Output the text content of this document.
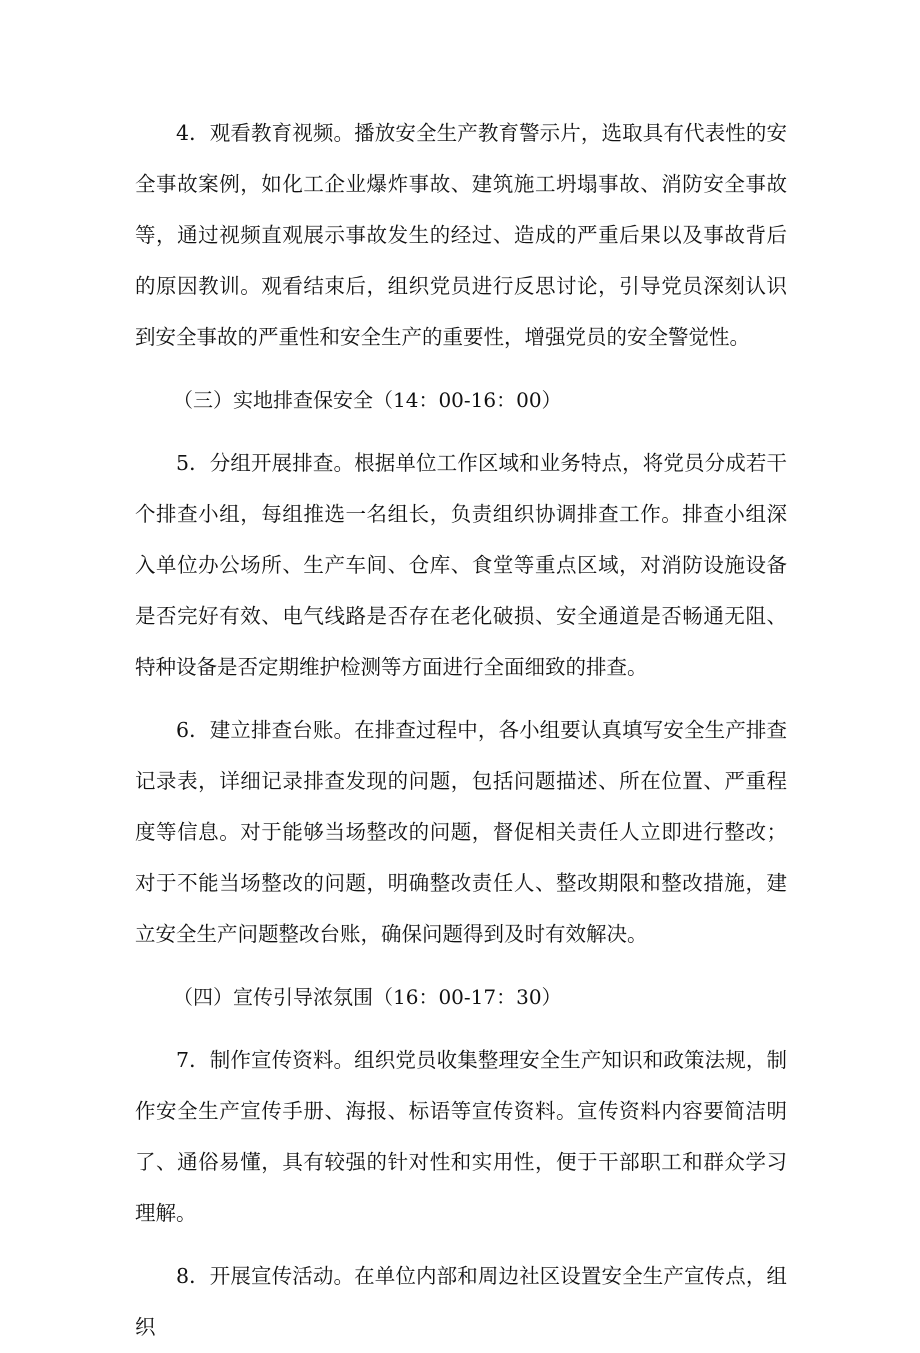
4．观看教育视频。播放安全生产教育警示片，选取具有代表性的安全事故案例，如化工企业爆炸事故、建筑施工坍塌事故、消防安全事故等，通过视频直观展示事故发生的经过、造成的严重后果以及事故背后的原因教训。观看结束后，组织党员进行反思讨论，引导党员深刻认识到安全事故的严重性和安全生产的重要性，增强党员的安全警觉性。

（三）实地排查保安全（14：00-16：00）

5．分组开展排查。根据单位工作区域和业务特点，将党员分成若干个排查小组，每组推选一名组长，负责组织协调排查工作。排查小组深入单位办公场所、生产车间、仓库、食堂等重点区域，对消防设施设备是否完好有效、电气线路是否存在老化破损、安全通道是否畅通无阻、特种设备是否定期维护检测等方面进行全面细致的排查。

6．建立排查台账。在排查过程中，各小组要认真填写安全生产排查记录表，详细记录排查发现的问题，包括问题描述、所在位置、严重程度等信息。对于能够当场整改的问题，督促相关责任人立即进行整改；对于不能当场整改的问题，明确整改责任人、整改期限和整改措施，建立安全生产问题整改台账，确保问题得到及时有效解决。

（四）宣传引导浓氛围（16：00-17：30）

7．制作宣传资料。组织党员收集整理安全生产知识和政策法规，制作安全生产宣传手册、海报、标语等宣传资料。宣传资料内容要简洁明了、通俗易懂，具有较强的针对性和实用性，便于干部职工和群众学习理解。

8．开展宣传活动。在单位内部和周边社区设置安全生产宣传点，组织
